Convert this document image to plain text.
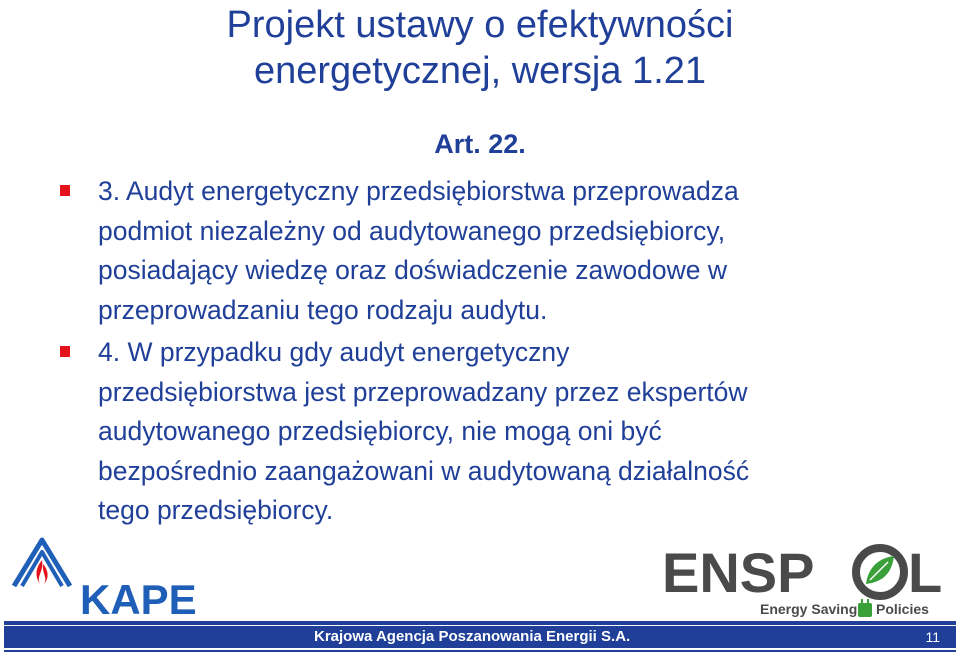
Projekt ustawy o efektywności
energetycznej, wersja 1.21
Art. 22.
3. Audyt energetyczny przedsiębiorstwa przeprowadza
podmiot niezależny od audytowanego przedsiębiorcy,
posiadający wiedzę oraz doświadczenie zawodowe w
przeprowadzaniu tego rodzaju audytu.
4. W przypadku gdy audyt energetyczny
przedsiębiorstwa jest przeprowadzany przez ekspertów
audytowanego przedsiębiorcy, nie mogą oni być
bezpośrednio zaangażowani w audytowaną działalność
tego przedsiębiorcy.
KAPE	ENSP L
Energy Saving Policies
Krajowa Agencja Poszanowania Energii S.A.	11
